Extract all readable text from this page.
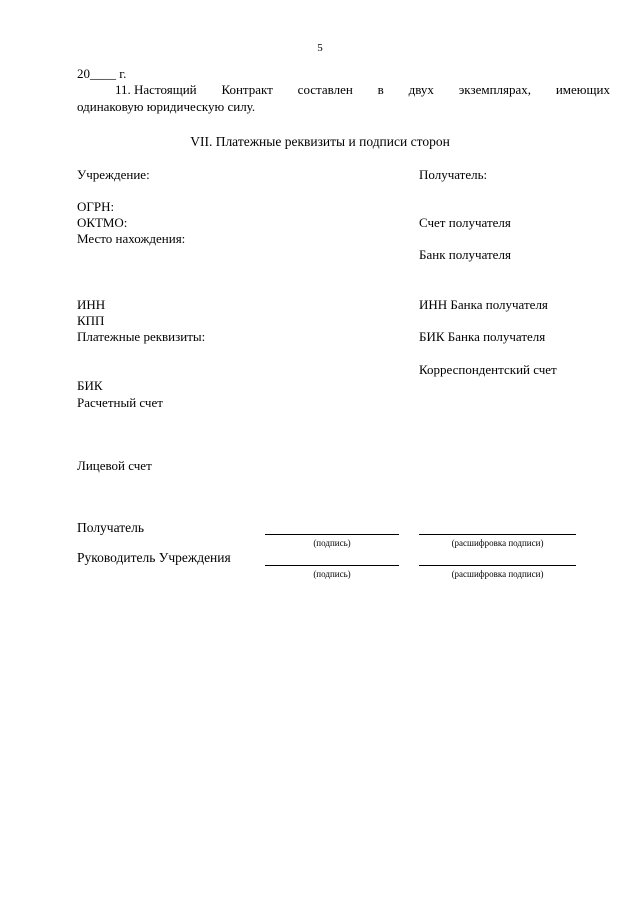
5
20____ г.
11. Настоящий Контракт составлен в двух экземплярах, имеющих
одинаковую юридическую силу.
VII. Платежные реквизиты и подписи сторон
Учреждение:
ОГРН:
ОКТМО:
Место нахождения:
ИНН
КПП
Платежные реквизиты:
БИК
Расчетный счет
Лицевой счет
Получатель:
Счет получателя
Банк получателя
ИНН Банка получателя
БИК Банка получателя
Корреспондентский счет
Получатель
(подпись)	(расшифровка подписи)
Руководитель Учреждения
(подпись)	(расшифровка подписи)
